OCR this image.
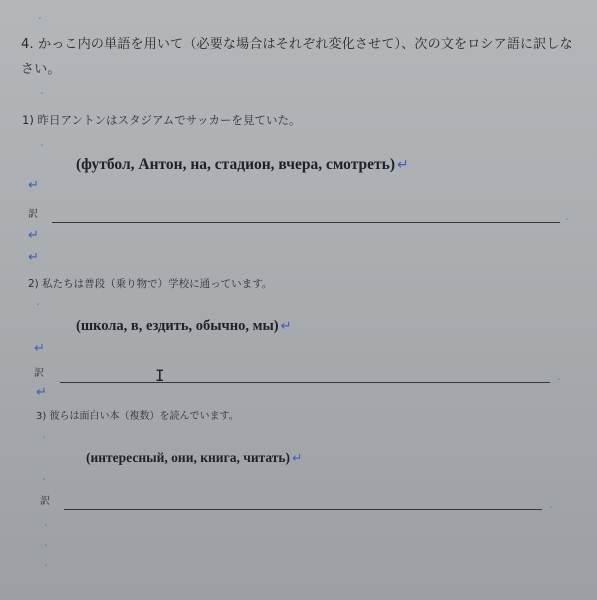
ˬ
4. かっこ内の単語を用いて（必要な場合はそれぞれ変化させて）、次の文をロシア語に訳しなさい。
ˬ
1) 昨日アントンはスタジアムでサッカーを見ていた。
ˬ
(футбол, Антон, на, стадион, вчера, смотреть) ↵
↵
訳	ˬ
↵
↵
2) 私たちは普段（乗り物で）学校に通っています。
ˬ
(школа, в, ездить, обычно, мы) ↵
↵
訳	I	ˬ
↵
3) 彼らは面白い本（複数）を読んでいます。
ˬ
(интересный, они, книга, читать) ↵
ˬ
訳	ˬ
ˬ
ˬ
ˬ
